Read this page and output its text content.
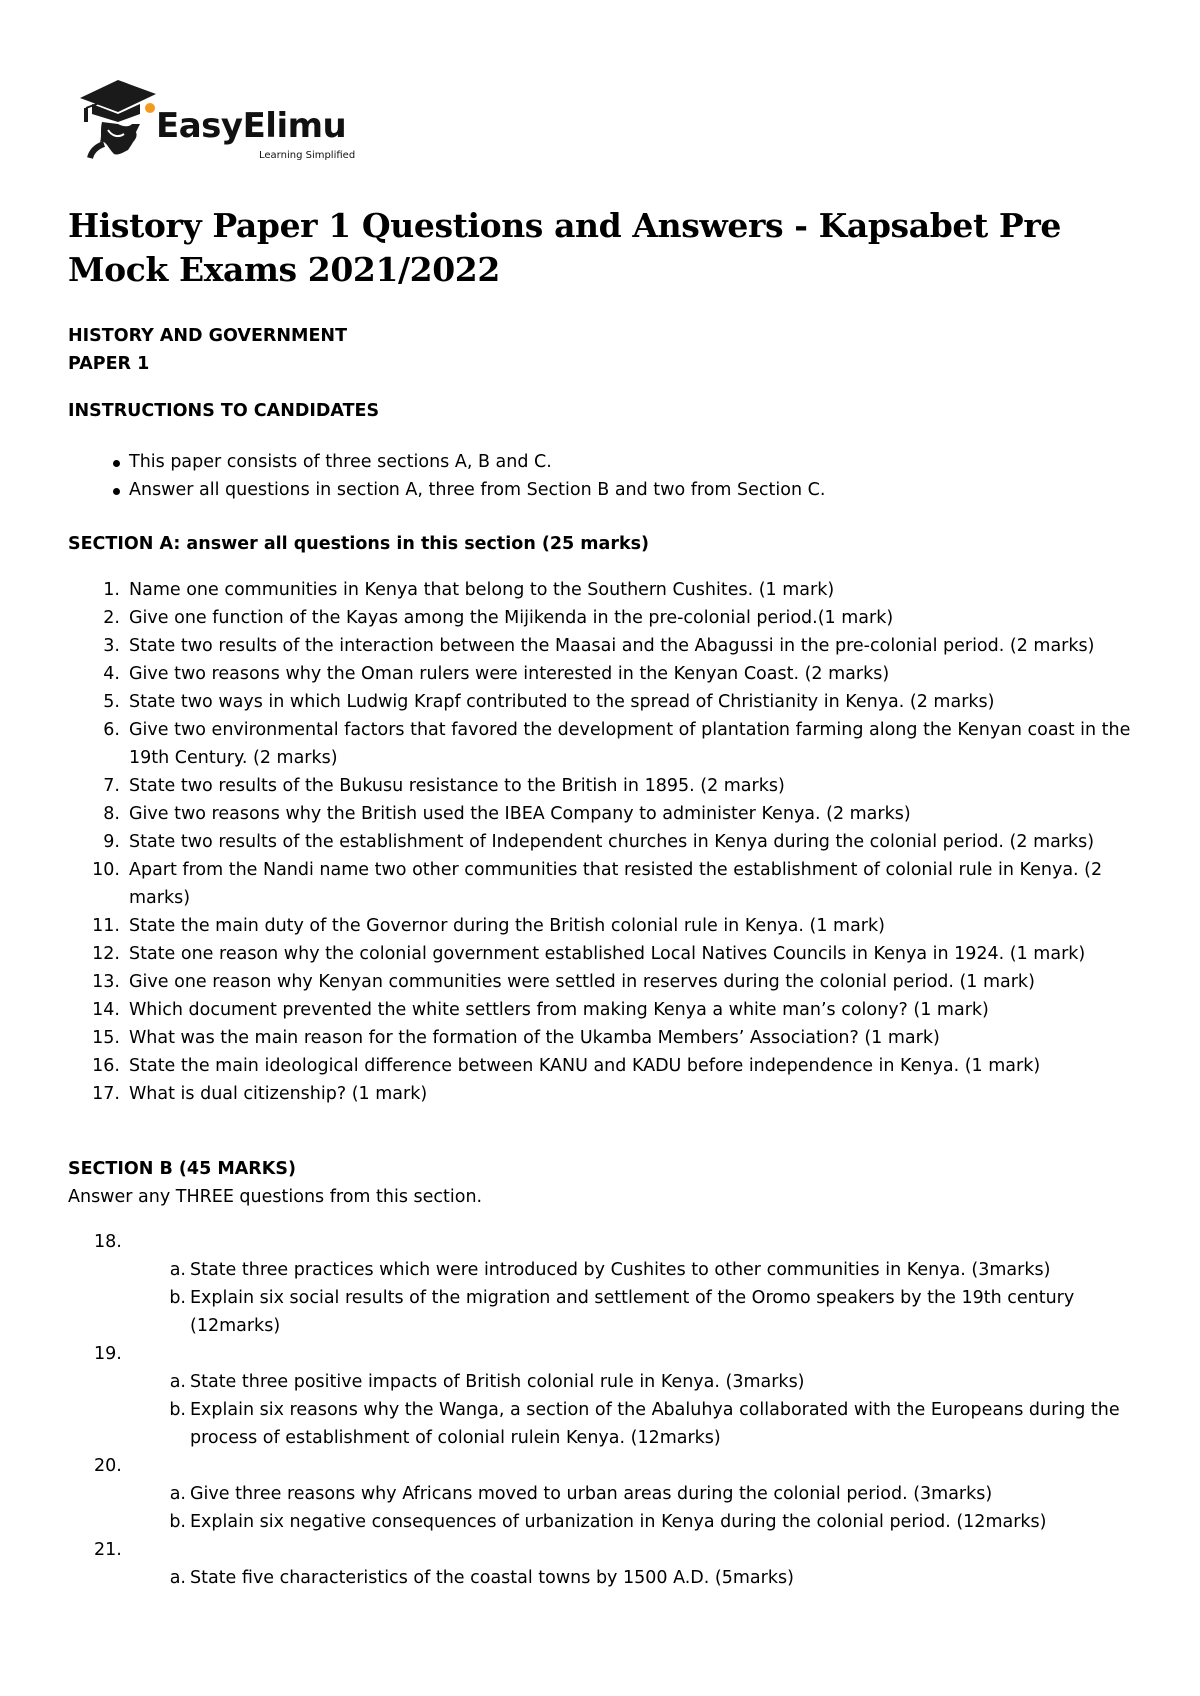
EasyElimu
Learning Simplified
History Paper 1 Questions and Answers - Kapsabet Pre Mock Exams 2021/2022
HISTORY AND GOVERNMENT
PAPER 1
INSTRUCTIONS TO CANDIDATES
This paper consists of three sections A, B and C.
Answer all questions in section A, three from Section B and two from Section C.
SECTION A: answer all questions in this section (25 marks)
1. Name one communities in Kenya that belong to the Southern Cushites. (1 mark)
2. Give one function of the Kayas among the Mijikenda in the pre-colonial period.(1 mark)
3. State two results of the interaction between the Maasai and the Abagussi in the pre-colonial period. (2 marks)
4. Give two reasons why the Oman rulers were interested in the Kenyan Coast. (2 marks)
5. State two ways in which Ludwig Krapf contributed to the spread of Christianity in Kenya. (2 marks)
6. Give two environmental factors that favored the development of plantation farming along the Kenyan coast in the 19th Century. (2 marks)
7. State two results of the Bukusu resistance to the British in 1895. (2 marks)
8. Give two reasons why the British used the IBEA Company to administer Kenya. (2 marks)
9. State two results of the establishment of Independent churches in Kenya during the colonial period. (2 marks)
10. Apart from the Nandi name two other communities that resisted the establishment of colonial rule in Kenya. (2 marks)
11. State the main duty of the Governor during the British colonial rule in Kenya. (1 mark)
12. State one reason why the colonial government established Local Natives Councils in Kenya in 1924. (1 mark)
13. Give one reason why Kenyan communities were settled in reserves during the colonial period. (1 mark)
14. Which document prevented the white settlers from making Kenya a white man’s colony? (1 mark)
15. What was the main reason for the formation of the Ukamba Members’ Association? (1 mark)
16. State the main ideological difference between KANU and KADU before independence in Kenya. (1 mark)
17. What is dual citizenship? (1 mark)
SECTION B (45 MARKS)
Answer any THREE questions from this section.
18.
a. State three practices which were introduced by Cushites to other communities in Kenya. (3marks)
b. Explain six social results of the migration and settlement of the Oromo speakers by the 19th century (12marks)
19.
a. State three positive impacts of British colonial rule in Kenya. (3marks)
b. Explain six reasons why the Wanga, a section of the Abaluhya collaborated with the Europeans during the process of establishment of colonial rulein Kenya. (12marks)
20.
a. Give three reasons why Africans moved to urban areas during the colonial period. (3marks)
b. Explain six negative consequences of urbanization in Kenya during the colonial period. (12marks)
21.
a. State five characteristics of the coastal towns by 1500 A.D. (5marks)
